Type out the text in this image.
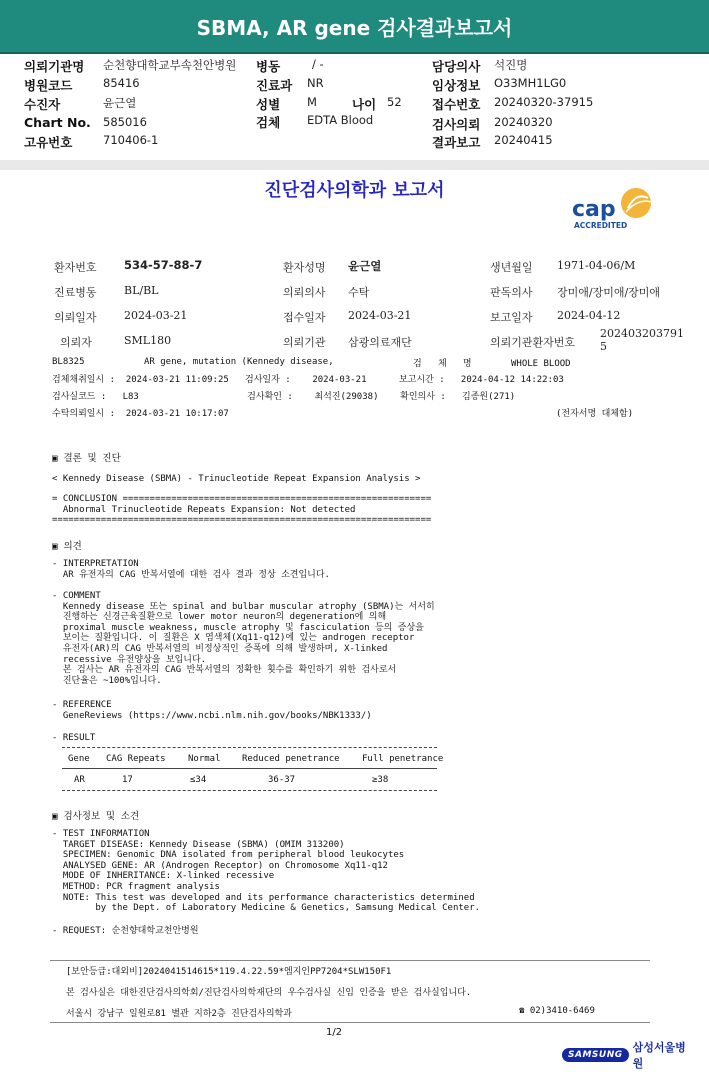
SBMA, AR gene 검사결과보고서
의뢰기관명 순천향대학교부속천안병원 병동	/ -	담당의사 석진명
병원코드	85416	진료과 NR	임상정보 O33MH1LG0
수진자	윤근열	성별 M	나이 52 접수번호 20240320-37915
Chart No. 585016	검체 EDTA Blood	검사의뢰 20240320
고유번호	710406-1	결과보고 20240415
진단검사의학과 보고서
cap
ACCREDITED
환자번호 534-57-88-7	환자성명 윤근열	생년월일 1971-04-06/M
진료병동 BL/BL	의뢰의사 수탁	판독의사 장미애/장미애/장미애
의뢰일자 2024-03-21	접수일자 2024-03-21	보고일자 2024-04-12
의뢰자	SML180	의뢰기관 삼광의료재단	의뢰기관환자번호
202403203791
5
BL8325	AR gene, mutation (Kennedy disease,	검   체   명	WHOLE BLOOD
검체채취일시 :  2024-03-21 11:09:25   검사일자 :    2024-03-21      보고시간 :   2024-04-12 14:22:03
검사실코드 :   L83                    검사확인 :    최석진(29038)    확인의사 :   김종원(271)
수탁의뢰일시 :  2024-03-21 10:17:07	(전자서명 대체함)
▣ 결론 및 진단
< Kennedy Disease (SBMA) - Trinucleotide Repeat Expansion Analysis >
= CONCLUSION =========================================================
Abnormal Trinucleotide Repeats Expansion: Not detected
======================================================================
▣ 의견
- INTERPRETATION
AR 유전자의 CAG 반복서열에 대한 검사 결과 정상 소견입니다.
- COMMENT
Kennedy disease 또는 spinal and bulbar muscular atrophy (SBMA)는 서서히
진행하는 신경근육질환으로 lower motor neuron의 degeneration에 의해
proximal muscle weakness, muscle atrophy 및 fasciculation 등의 증상을
보이는 질환입니다. 이 질환은 X 염색체(Xq11-q12)에 있는 androgen receptor
유전자(AR)의 CAG 반복서열의 비정상적인 증폭에 의해 발생하며, X-linked
recessive 유전양상을 보입니다.
본 검사는 AR 유전자의 CAG 반복서열의 정확한 횟수를 확인하기 위한 검사로서
진단율은 ~100%입니다.
- REFERENCE
GeneReviews (https://www.ncbi.nlm.nih.gov/books/NBK1333/)
- RESULT
Gene CAG Repeats Normal Reduced penetrance Full penetrance
AR	17	≤34	36-37	≥38
▣ 검사정보 및 소견
- TEST INFORMATION
TARGET DISEASE: Kennedy Disease (SBMA) (OMIM 313200)
SPECIMEN: Genomic DNA isolated from peripheral blood leukocytes
ANALYSED GENE: AR (Androgen Receptor) on Chromosome Xq11-q12
MODE OF INHERITANCE: X-linked recessive
METHOD: PCR fragment analysis
NOTE: This test was developed and its performance characteristics determined
by the Dept. of Laboratory Medicine & Genetics, Samsung Medical Center.
- REQUEST: 순천향대학교천안병원
[보안등급:대외비]2024041514615*119.4.22.59*엠지인PP7204*SLW150F1
본 검사실은 대한진단검사의학회/진단검사의학재단의 우수검사실 신임 인증을 받은 검사실입니다.
서울시 강남구 일원로81 별관 지하2층 진단검사의학과	☎ 02)3410-6469
1/2
SAMSUNG
삼성서울병원
